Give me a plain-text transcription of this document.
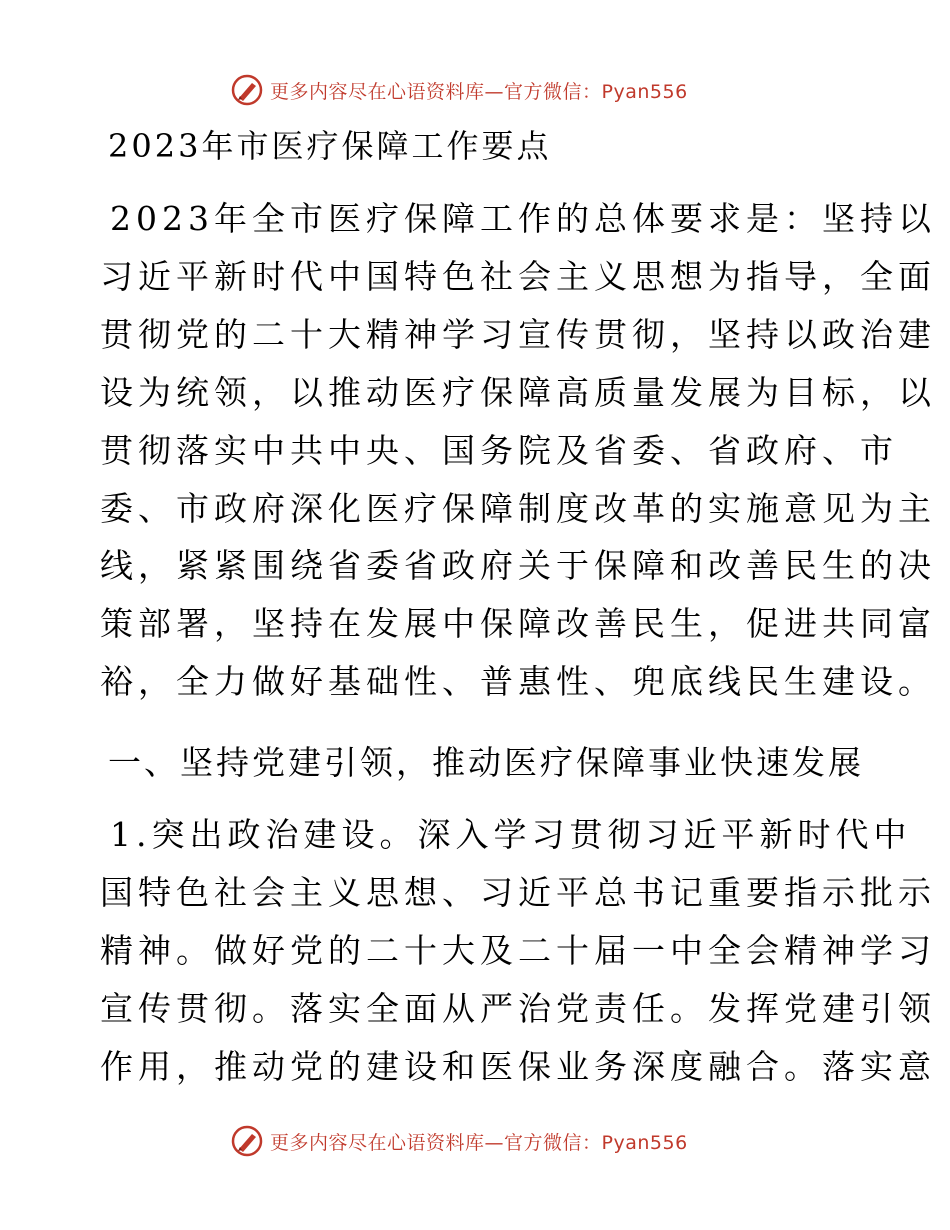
更多内容尽在心语资料库—官方微信：Pyan556
2023年市医疗保障工作要点
2023年全市医疗保障工作的总体要求是：坚持以
习近平新时代中国特色社会主义思想为指导，全面
贯彻党的二十大精神学习宣传贯彻，坚持以政治建
设为统领，以推动医疗保障高质量发展为目标，以
贯彻落实中共中央、国务院及省委、省政府、市
委、市政府深化医疗保障制度改革的实施意见为主
线，紧紧围绕省委省政府关于保障和改善民生的决
策部署，坚持在发展中保障改善民生，促进共同富
裕，全力做好基础性、普惠性、兜底线民生建设。
一、坚持党建引领，推动医疗保障事业快速发展
1.突出政治建设。深入学习贯彻习近平新时代中
国特色社会主义思想、习近平总书记重要指示批示
精神。做好党的二十大及二十届一中全会精神学习
宣传贯彻。落实全面从严治党责任。发挥党建引领
作用，推动党的建设和医保业务深度融合。落实意
更多内容尽在心语资料库—官方微信：Pyan556
